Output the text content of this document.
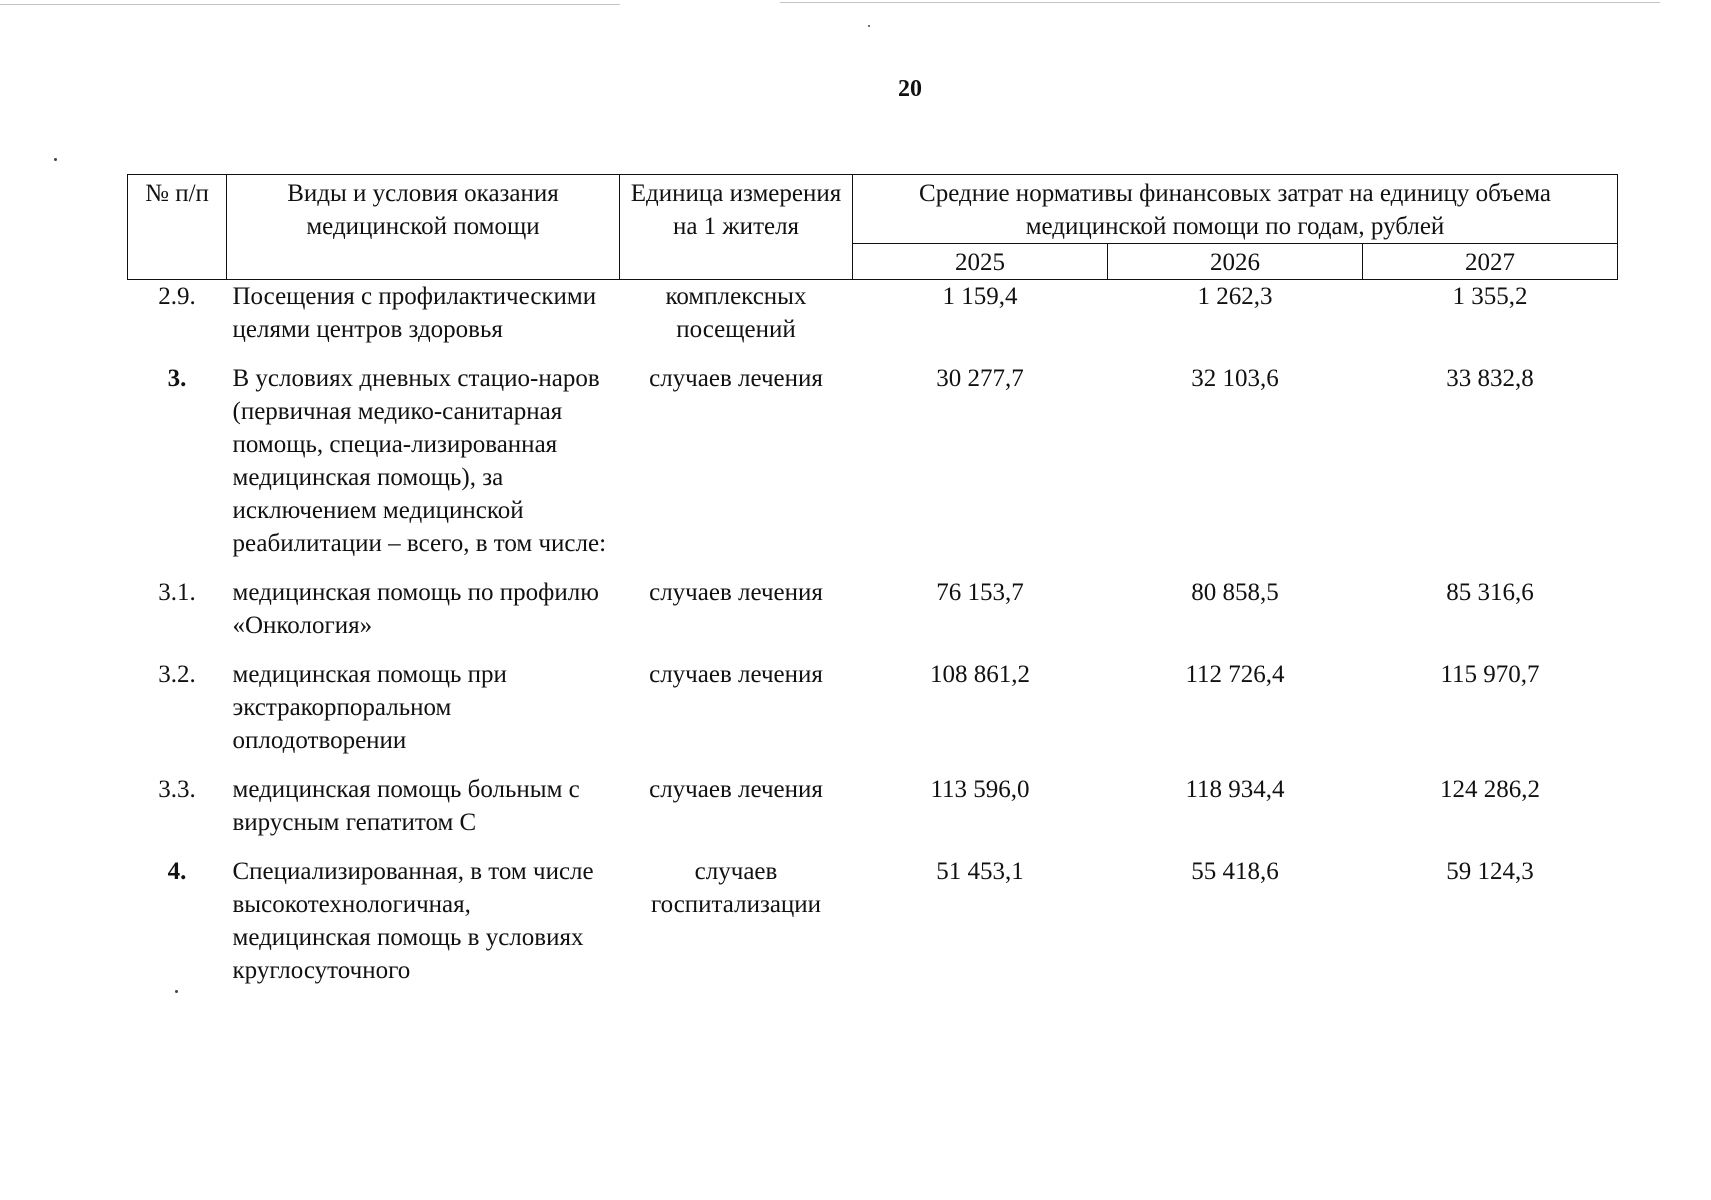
20
№ п/п	Виды и условия оказания медицинской помощи	Единица измерения на 1 жителя	Средние нормативы финансовых затрат на единицу объема медицинской помощи по годам, рублей		
			2025	2026	2027
2.9.	Посещения с профилактическими целями центров здоровья	комплексных посещений	1 159,4	1 262,3	1 355,2
3.	В условиях дневных стацио-наров (первичная медико-санитарная помощь, специа-лизированная медицинская помощь), за исключением медицинской реабилитации – всего, в том числе:	случаев лечения	30 277,7	32 103,6	33 832,8
3.1.	медицинская помощь по профилю «Онкология»	случаев лечения	76 153,7	80 858,5	85 316,6
3.2.	медицинская помощь при экстракорпоральном оплодотворении	случаев лечения	108 861,2	112 726,4	115 970,7
3.3.	медицинская помощь больным с вирусным гепатитом С	случаев лечения	113 596,0	118 934,4	124 286,2
4.	Специализированная, в том числе высокотехнологичная, медицинская помощь в условиях круглосуточного	случаев госпитализации	51 453,1	55 418,6	59 124,3
